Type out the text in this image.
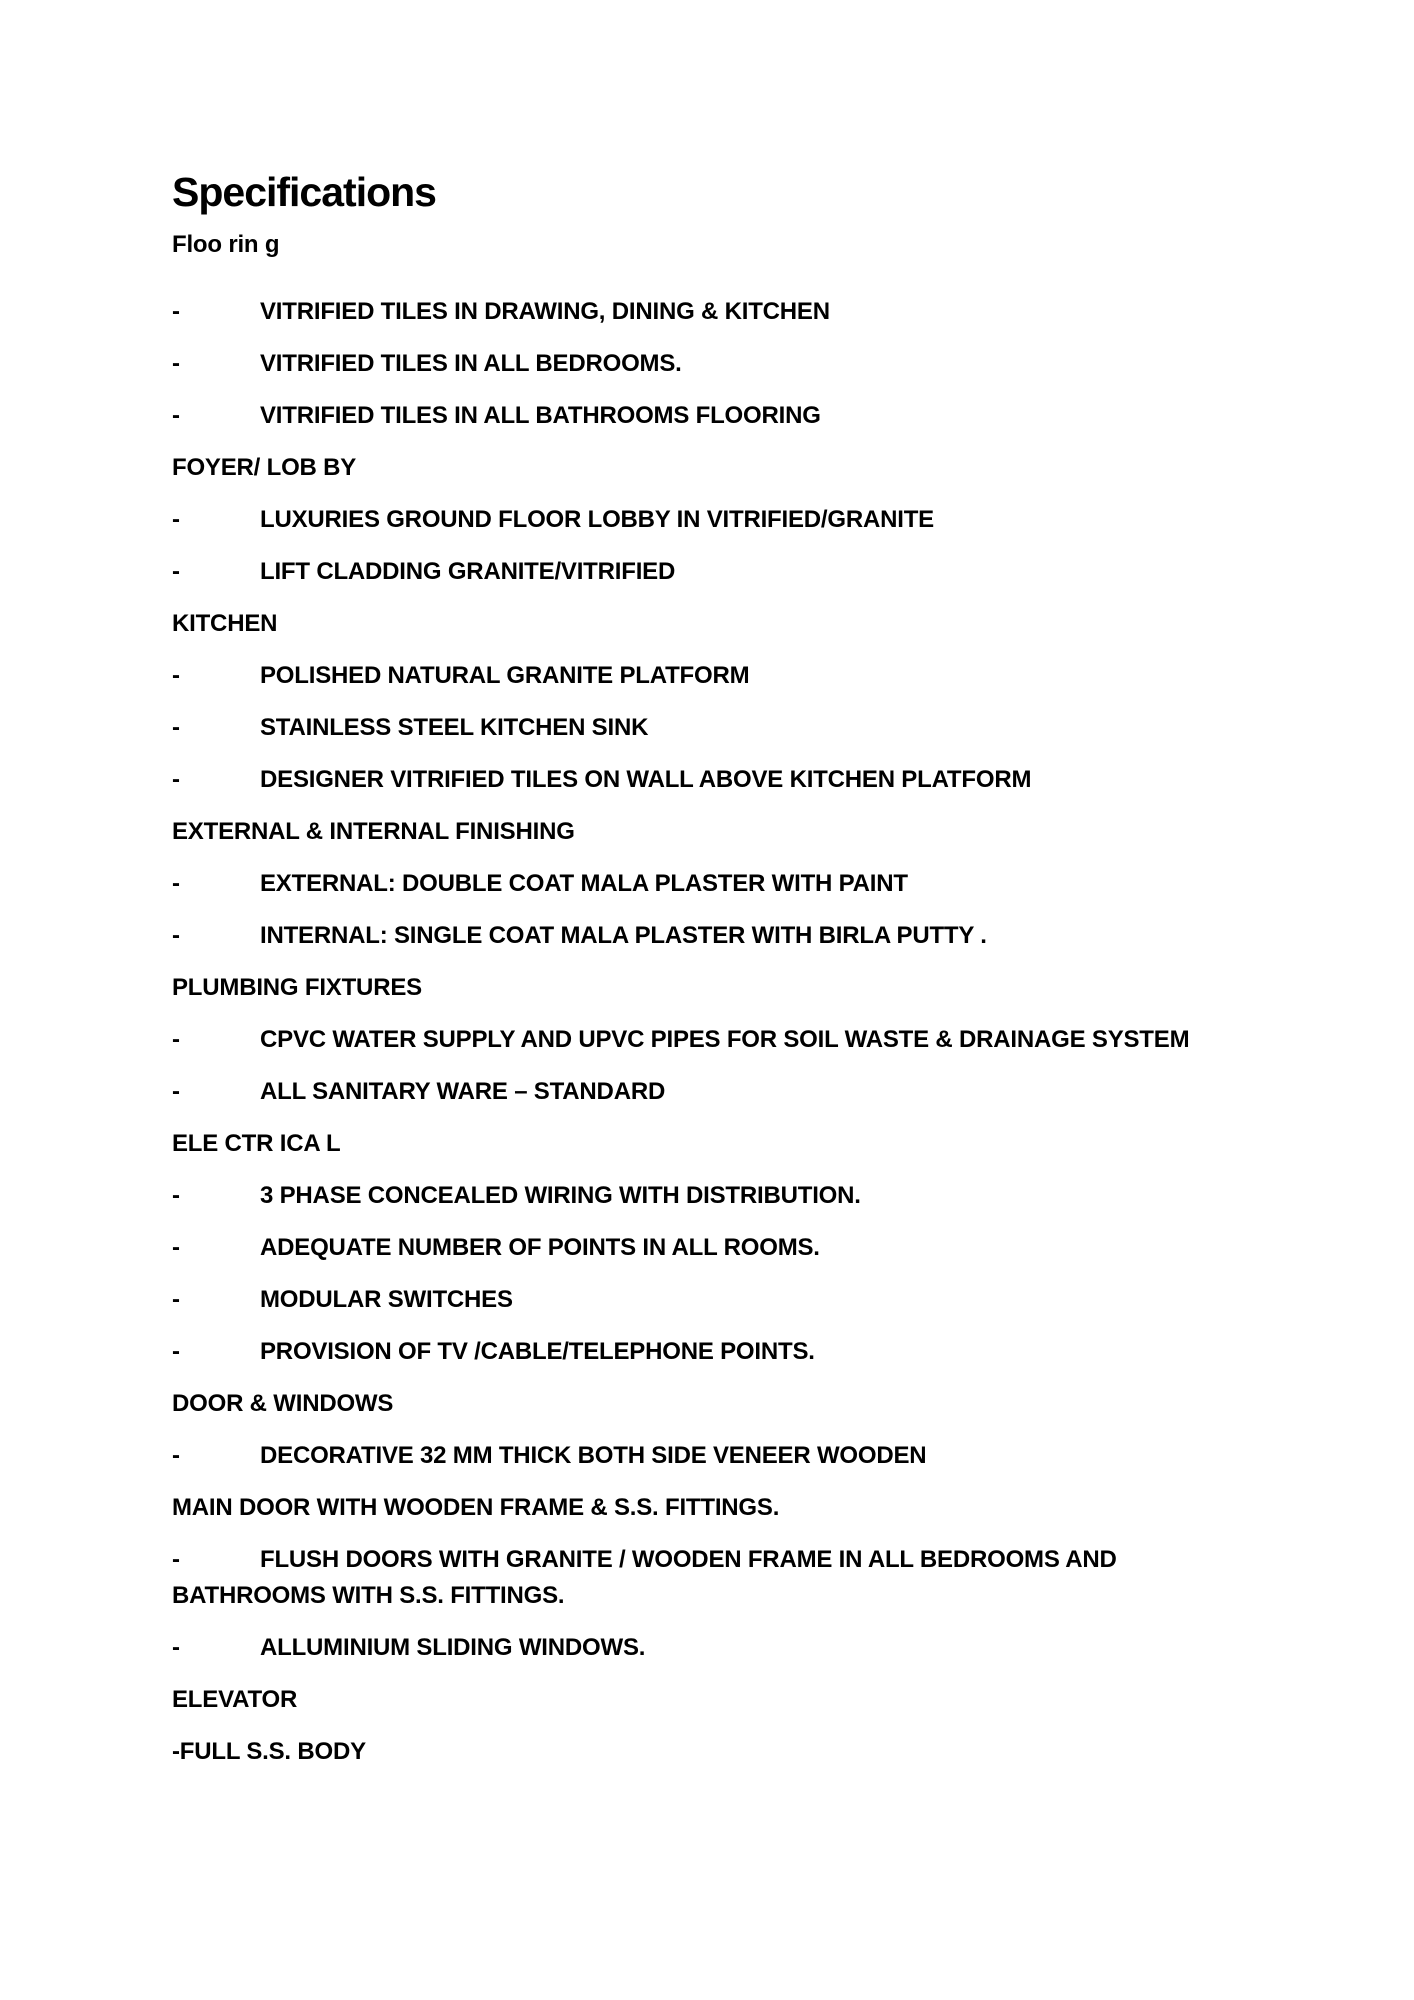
Specifications

Floo rin g

-	VITRIFIED TILES IN DRAWING, DINING & KITCHEN

-	VITRIFIED TILES IN ALL BEDROOMS.

-	VITRIFIED TILES IN ALL BATHROOMS FLOORING

FOYER/ LOB BY

-	LUXURIES GROUND FLOOR LOBBY IN VITRIFIED/GRANITE

-	LIFT CLADDING GRANITE/VITRIFIED

KITCHEN

-	POLISHED NATURAL GRANITE PLATFORM

-	STAINLESS STEEL KITCHEN SINK

-	DESIGNER VITRIFIED TILES ON WALL ABOVE KITCHEN PLATFORM

EXTERNAL & INTERNAL FINISHING

-	EXTERNAL: DOUBLE COAT MALA PLASTER WITH PAINT

-	INTERNAL: SINGLE COAT MALA PLASTER WITH BIRLA PUTTY .

PLUMBING FIXTURES

-	CPVC WATER SUPPLY AND UPVC PIPES FOR SOIL WASTE & DRAINAGE SYSTEM

-	ALL SANITARY WARE – STANDARD

ELE CTR ICA L

-	3 PHASE CONCEALED WIRING WITH DISTRIBUTION.

-	ADEQUATE NUMBER OF POINTS IN ALL ROOMS.

-	MODULAR SWITCHES

-	PROVISION OF TV /CABLE/TELEPHONE POINTS.

DOOR & WINDOWS

-	DECORATIVE 32 MM THICK BOTH SIDE VENEER WOODEN

MAIN DOOR WITH WOODEN FRAME & S.S. FITTINGS.

-	FLUSH DOORS WITH GRANITE / WOODEN FRAME IN ALL BEDROOMS AND BATHROOMS WITH S.S. FITTINGS.

-	ALLUMINIUM SLIDING WINDOWS.

ELEVATOR

-FULL S.S. BODY
